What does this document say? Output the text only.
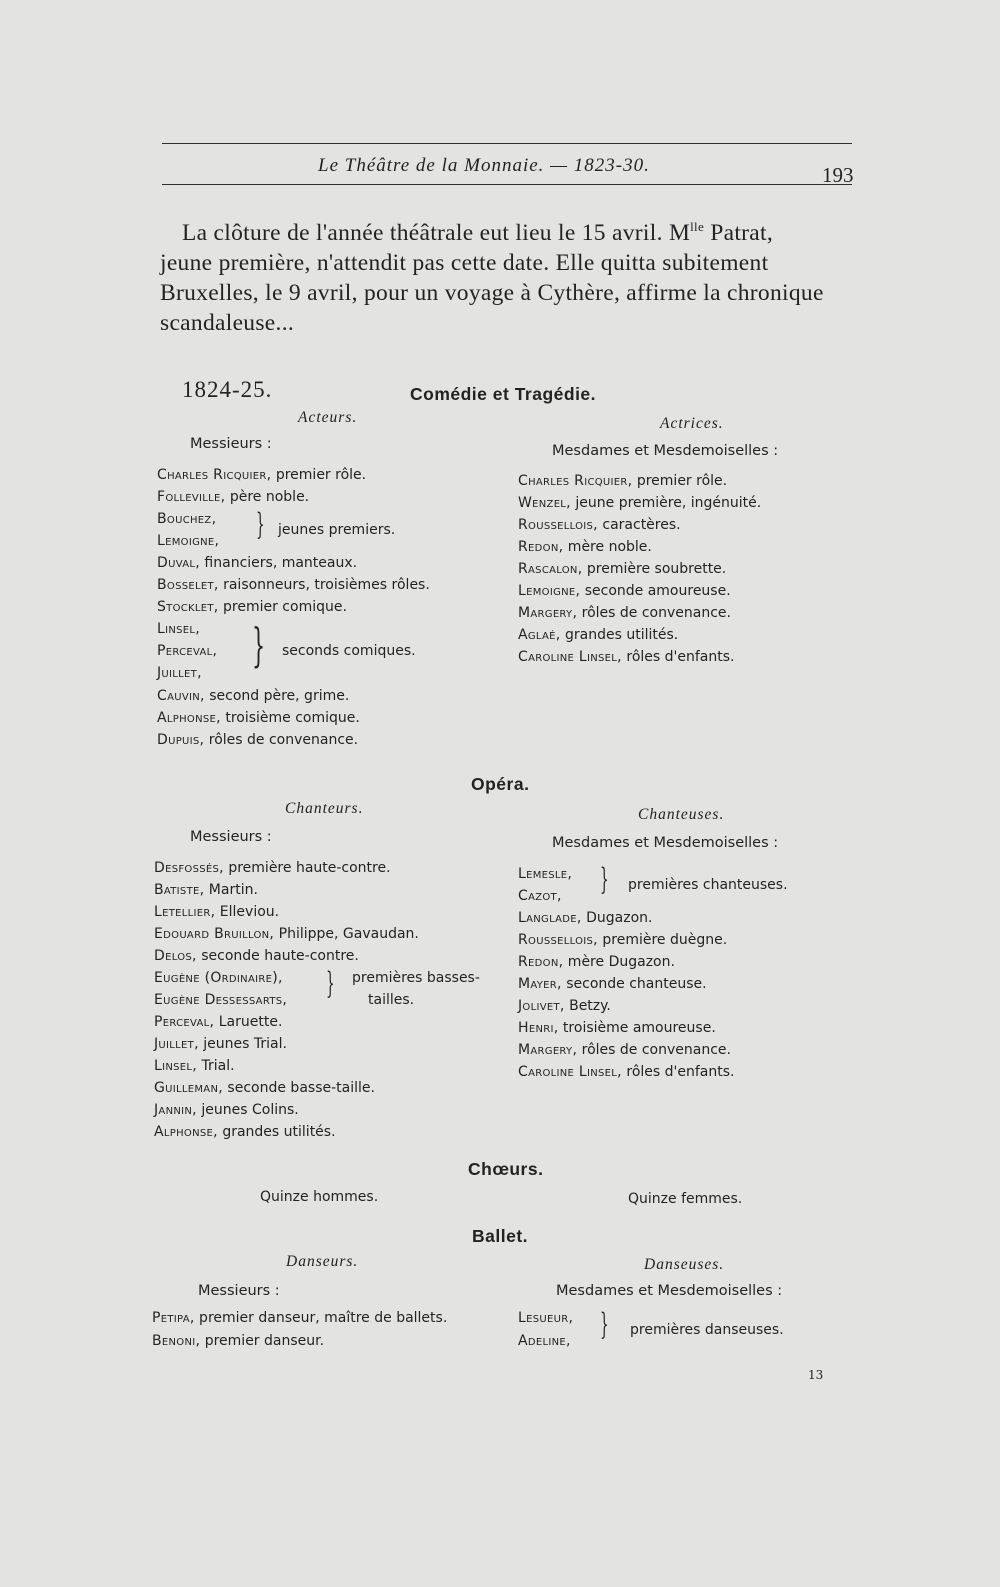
Le Théâtre de la Monnaie. — 1823-30.	193

La clôture de l'année théâtrale eut lieu le 15 avril. $M^{lle}$ Patrat,

jeune première, n'attendit pas cette date. Elle quitta subitement

Bruxelles, le 9 avril, pour un voyage à Cythère, affirme la chronique

scandaleuse...

1824-25.	Comédie et Tragédie.
Acteurs.	Actrices.
Messieurs :	Mesdames et Mesdemoiselles :
Charles Ricquier, premier rôle.
Folleville, père noble.
Bouchez,
Lemoigne, } jeunes premiers.
Duval, financiers, manteaux.
Bosselet, raisonneurs, troisièmes rôles.
Stocklet, premier comique.
Linsel,
Perceval,
Juillet,
} seconds comiques.
Cauvin, second père, grime.
Alphonse, troisième comique.
Dupuis, rôles de convenance.
Charles Ricquier, premier rôle.
Wenzel, jeune première, ingénuité.
Roussellois, caractères.
Redon, mère noble.
Rascalon, première soubrette.
Lemoigne, seconde amoureuse.
Margery, rôles de convenance.
Aglaé, grandes utilités.
Caroline Linsel, rôles d'enfants.
Opéra.
Chanteurs.	Chanteuses.
Messieurs :	Mesdames et Mesdemoiselles :
Desfossés, première haute-contre.
Batiste, Martin.
Letellier, Elleviou.
Edouard Bruillon, Philippe, Gavaudan.
Delos, seconde haute-contre.
Eugène (Ordinaire),
Eugène Dessessarts, } premières basses-
tailles.
Perceval, Laruette.
Juillet, jeunes Trial.
Linsel, Trial.
Guilleman, seconde basse-taille.
Jannin, jeunes Colins.
Alphonse, grandes utilités.
Lemesle,
Cazot, } premières chanteuses.
Langlade, Dugazon.
Roussellois, première duègne.
Redon, mère Dugazon.
Mayer, seconde chanteuse.
Jolivet, Betzy.
Henri, troisième amoureuse.
Margery, rôles de convenance.
Caroline Linsel, rôles d'enfants.
Chœurs.
Quinze hommes.	Quinze femmes.
Ballet.
Danseurs.	Danseuses.
Messieurs :	Mesdames et Mesdemoiselles :
Petipa, premier danseur, maître de ballets.
Benoni, premier danseur.
Lesueur,
Adeline, } premières danseuses.
13
